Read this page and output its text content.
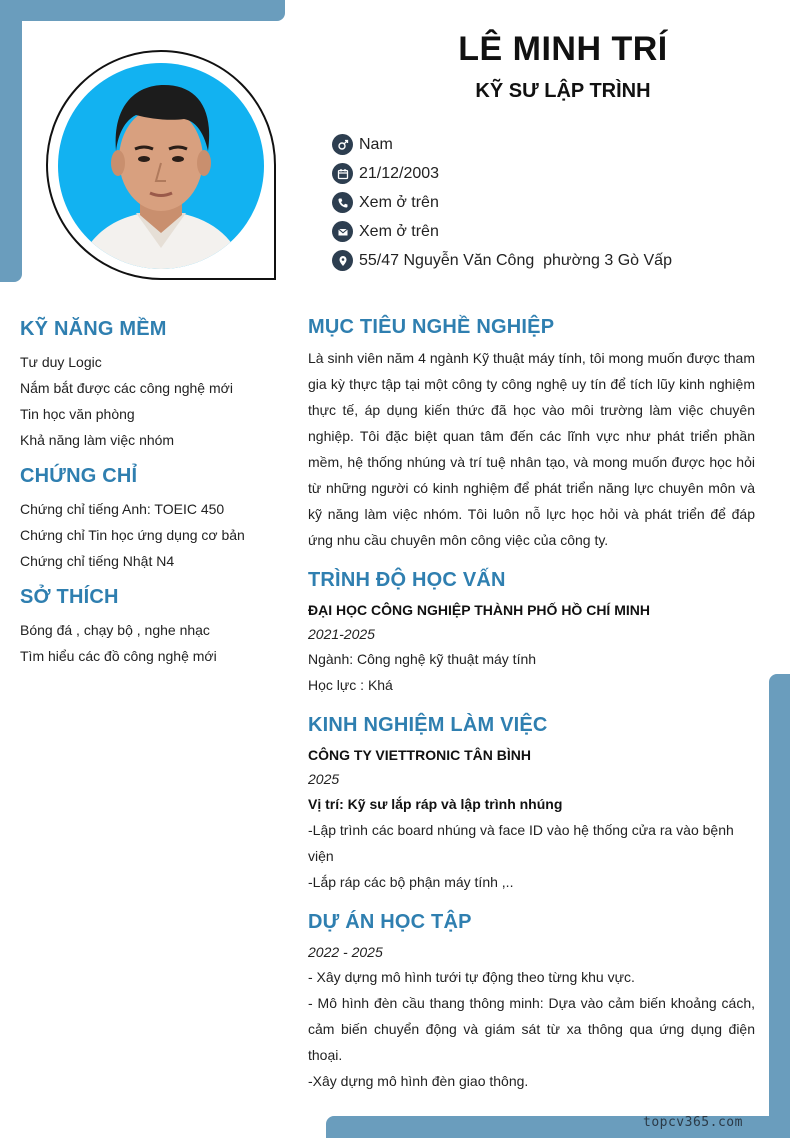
topcv365.com
LÊ MINH TRÍ
KỸ SƯ LẬP TRÌNH
Nam
21/12/2003
Xem ở trên
Xem ở trên
55/47 Nguyễn Văn Công  phường 3 Gò Vấp
KỸ NĂNG MỀM
Tư duy Logic
Nắm bắt được các công nghệ mới
Tin học văn phòng
Khả năng làm việc nhóm
CHỨNG CHỈ
Chứng chỉ tiếng Anh: TOEIC 450
Chứng chỉ Tin học ứng dụng cơ bản
Chứng chỉ tiếng Nhật N4
SỞ THÍCH
Bóng đá , chạy bộ , nghe nhạc
Tìm hiểu các đồ công nghệ mới
MỤC TIÊU NGHỀ NGHIỆP
Là sinh viên năm 4 ngành Kỹ thuật máy tính, tôi mong muốn được tham gia kỳ thực tập tại một công ty công nghệ uy tín để tích lũy kinh nghiệm thực tế, áp dụng kiến thức đã học vào môi trường làm việc chuyên nghiệp. Tôi đặc biệt quan tâm đến các lĩnh vực như phát triển phần mềm, hệ thống nhúng và trí tuệ nhân tạo, và mong muốn được học hỏi từ những người có kinh nghiệm để phát triển năng lực chuyên môn và kỹ năng làm việc nhóm. Tôi luôn nỗ lực học hỏi và phát triển để đáp ứng nhu cầu chuyên môn công việc của công ty.
TRÌNH ĐỘ HỌC VẤN
ĐẠI HỌC CÔNG NGHIỆP THÀNH PHỐ HỒ CHÍ MINH
2021-2025
Ngành: Công nghệ kỹ thuật máy tính
Học lực : Khá
KINH NGHIỆM LÀM VIỆC
CÔNG TY VIETTRONIC TÂN BÌNH
2025
Vị trí: Kỹ sư lắp ráp và lập trình nhúng
-Lập trình các board nhúng và face ID vào hệ thống cửa ra vào bệnh viện
-Lắp ráp các bộ phận máy tính ,..
DỰ ÁN HỌC TẬP
2022 - 2025
- Xây dựng mô hình tưới tự động theo từng khu vực.
- Mô hình đèn cầu thang thông minh: Dựa vào cảm biến khoảng cách, cảm biến chuyển động và giám sát từ xa thông qua ứng dụng điện thoại.
-Xây dựng mô hình đèn giao thông.
